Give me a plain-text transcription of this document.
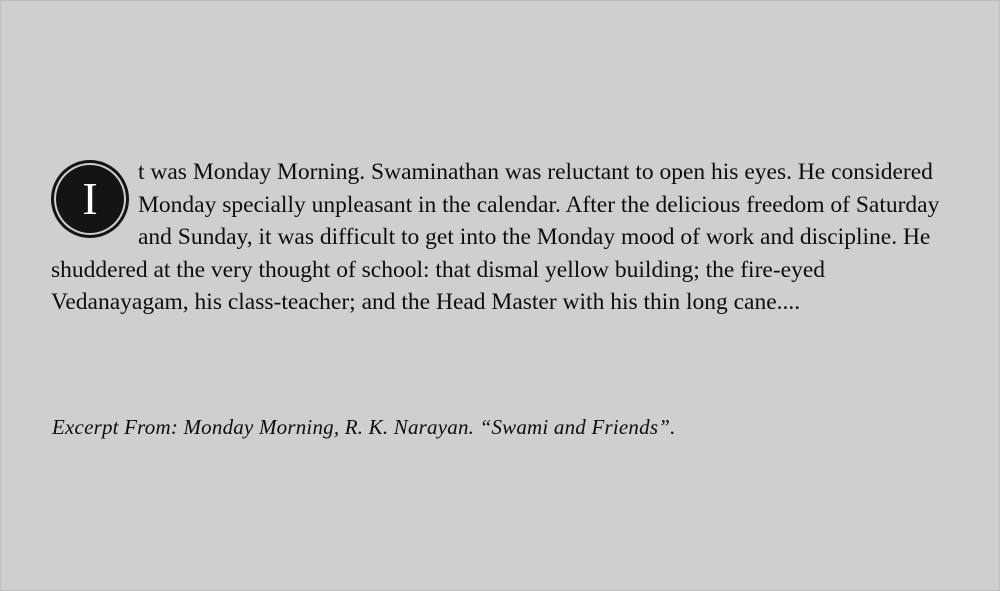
I
t was Monday Morning. Swaminathan was reluctant to open his eyes. He considered Monday specially unpleasant in the calendar. After the delicious freedom of Saturday and Sunday, it was difficult to get into the Monday mood of work and discipline. He shuddered at the very thought of school: that dismal yellow building; the fire-eyed Vedanayagam, his class-teacher; and the Head Master with his thin long cane....

Excerpt From: Monday Morning, R. K. Narayan. “Swami and Friends”.
